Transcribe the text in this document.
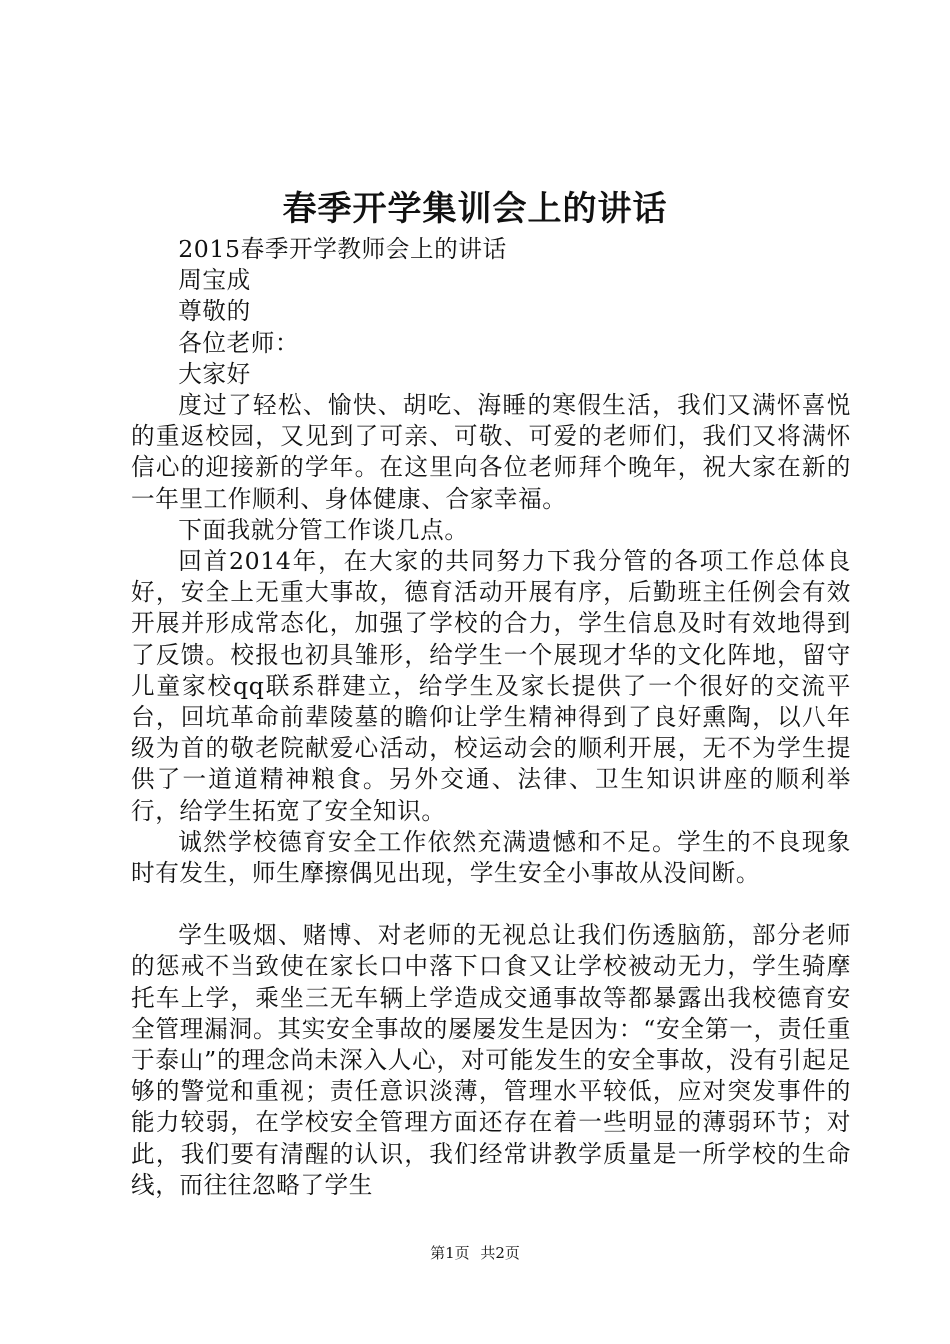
春季开学集训会上的讲话

2015春季开学教师会上的讲话

周宝成

尊敬的

各位老师：

大家好

度过了轻松、愉快、胡吃、海睡的寒假生活，我们又满怀喜悦的重返校园，又见到了可亲、可敬、可爱的老师们，我们又将满怀信心的迎接新的学年。在这里向各位老师拜个晚年，祝大家在新的一年里工作顺利、身体健康、合家幸福。

下面我就分管工作谈几点。

回首2014年，在大家的共同努力下我分管的各项工作总体良好，安全上无重大事故，德育活动开展有序，后勤班主任例会有效开展并形成常态化，加强了学校的合力，学生信息及时有效地得到了反馈。校报也初具雏形，给学生一个展现才华的文化阵地，留守儿童家校qq联系群建立，给学生及家长提供了一个很好的交流平台，回坑革命前辈陵墓的瞻仰让学生精神得到了良好熏陶，以八年级为首的敬老院献爱心活动，校运动会的顺利开展，无不为学生提供了一道道精神粮食。另外交通、法律、卫生知识讲座的顺利举行，给学生拓宽了安全知识。

诚然学校德育安全工作依然充满遗憾和不足。学生的不良现象时有发生，师生摩擦偶见出现，学生安全小事故从没间断。

学生吸烟、赌博、对老师的无视总让我们伤透脑筋，部分老师的惩戒不当致使在家长口中落下口食又让学校被动无力，学生骑摩托车上学，乘坐三无车辆上学造成交通事故等都暴露出我校德育安全管理漏洞。其实安全事故的屡屡发生是因为：“安全第一，责任重于泰山”的理念尚未深入人心，对可能发生的安全事故，没有引起足够的警觉和重视；责任意识淡薄，管理水平较低，应对突发事件的能力较弱，在学校安全管理方面还存在着一些明显的薄弱环节；对此，我们要有清醒的认识，我们经常讲教学质量是一所学校的生命线，而往往忽略了学生

第1页 共2页
